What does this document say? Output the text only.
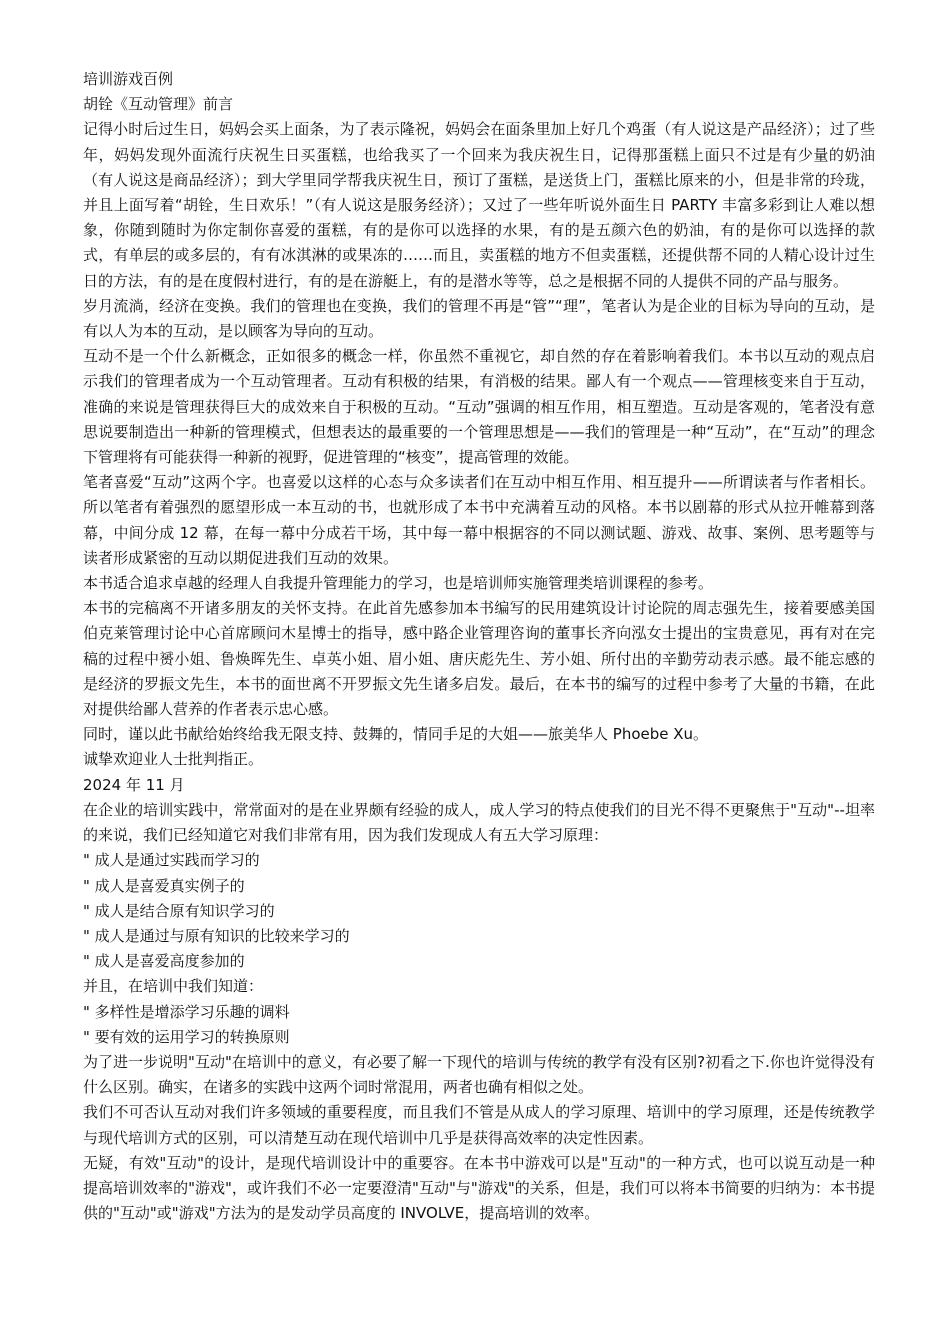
培训游戏百例

胡铨《互动管理》前言

记得小时后过生日，妈妈会买上面条，为了表示隆祝，妈妈会在面条里加上好几个鸡蛋（有人说这是产品经济）；过了些年，妈妈发现外面流行庆祝生日买蛋糕，也给我买了一个回来为我庆祝生日，记得那蛋糕上面只不过是有少量的奶油（有人说这是商品经济）；到大学里同学帮我庆祝生日，预订了蛋糕，是送货上门，蛋糕比原来的小，但是非常的玲珑，并且上面写着“胡铨，生日欢乐！”（有人说这是服务经济）；又过了一些年听说外面生日 PARTY 丰富多彩到让人难以想象，你随到随时为你定制你喜爱的蛋糕，有的是你可以选择的水果，有的是五颜六色的奶油，有的是你可以选择的款式，有单层的或多层的，有有冰淇淋的或果冻的……而且，卖蛋糕的地方不但卖蛋糕，还提供帮不同的人精心设计过生日的方法，有的是在度假村进行，有的是在游艇上，有的是潜水等等，总之是根据不同的人提供不同的产品与服务。

岁月流淌，经济在变换。我们的管理也在变换，我们的管理不再是“管”“理”，笔者认为是企业的目标为导向的互动，是有以人为本的互动，是以顾客为导向的互动。

互动不是一个什么新概念，正如很多的概念一样，你虽然不重视它，却自然的存在着影响着我们。本书以互动的观点启示我们的管理者成为一个互动管理者。互动有积极的结果，有消极的结果。鄙人有一个观点——管理核变来自于互动，准确的来说是管理获得巨大的成效来自于积极的互动。“互动”强调的相互作用，相互塑造。互动是客观的，笔者没有意思说要制造出一种新的管理模式，但想表达的最重要的一个管理思想是——我们的管理是一种“互动”，在“互动”的理念下管理将有可能获得一种新的视野，促进管理的“核变”，提高管理的效能。

笔者喜爱“互动”这两个字。也喜爱以这样的心态与众多读者们在互动中相互作用、相互提升——所谓读者与作者相长。所以笔者有着强烈的愿望形成一本互动的书，也就形成了本书中充满着互动的风格。本书以剧幕的形式从拉开帷幕到落幕，中间分成 12 幕，在每一幕中分成若干场，其中每一幕中根据容的不同以测试题、游戏、故事、案例、思考题等与读者形成紧密的互动以期促进我们互动的效果。

本书适合追求卓越的经理人自我提升管理能力的学习，也是培训师实施管理类培训课程的参考。

本书的完稿离不开诸多朋友的关怀支持。在此首先感参加本书编写的民用建筑设计讨论院的周志强先生，接着要感美国伯克莱管理讨论中心首席顾问木星博士的指导，感中路企业管理咨询的董事长齐向泓女士提出的宝贵意见，再有对在完稿的过程中赟小姐、鲁焕晖先生、卓英小姐、眉小姐、唐庆彪先生、芳小姐、所付出的辛勤劳动表示感。最不能忘感的是经济的罗振文先生，本书的面世离不开罗振文先生诸多启发。最后，在本书的编写的过程中参考了大量的书籍，在此对提供给鄙人营养的作者表示忠心感。

同时，谨以此书献给始终给我无限支持、鼓舞的，情同手足的大姐——旅美华人 Phoebe Xu。

诚挚欢迎业人士批判指正。

2024 年 11 月

在企业的培训实践中，常常面对的是在业界颇有经验的成人，成人学习的特点使我们的目光不得不更聚焦于"互动"--坦率的来说，我们已经知道它对我们非常有用，因为我们发现成人有五大学习原理：

" 成人是通过实践而学习的

" 成人是喜爱真实例子的

" 成人是结合原有知识学习的

" 成人是通过与原有知识的比较来学习的

" 成人是喜爱高度参加的

并且，在培训中我们知道：

" 多样性是增添学习乐趣的调料

" 要有效的运用学习的转换原则

为了进一步说明"互动"在培训中的意义，有必要了解一下现代的培训与传统的教学有没有区别?初看之下.你也许觉得没有什么区别。确实，在诸多的实践中这两个词时常混用，两者也确有相似之处。

我们不可否认互动对我们许多领域的重要程度，而且我们不管是从成人的学习原理、培训中的学习原理，还是传统教学与现代培训方式的区别，可以清楚互动在现代培训中几乎是获得高效率的决定性因素。

无疑，有效"互动"的设计，是现代培训设计中的重要容。在本书中游戏可以是"互动"的一种方式，也可以说互动是一种提高培训效率的"游戏"，或许我们不必一定要澄清"互动"与"游戏"的关系，但是，我们可以将本书简要的归纳为：本书提供的"互动"或"游戏"方法为的是发动学员高度的 INVOLVE，提高培训的效率。
